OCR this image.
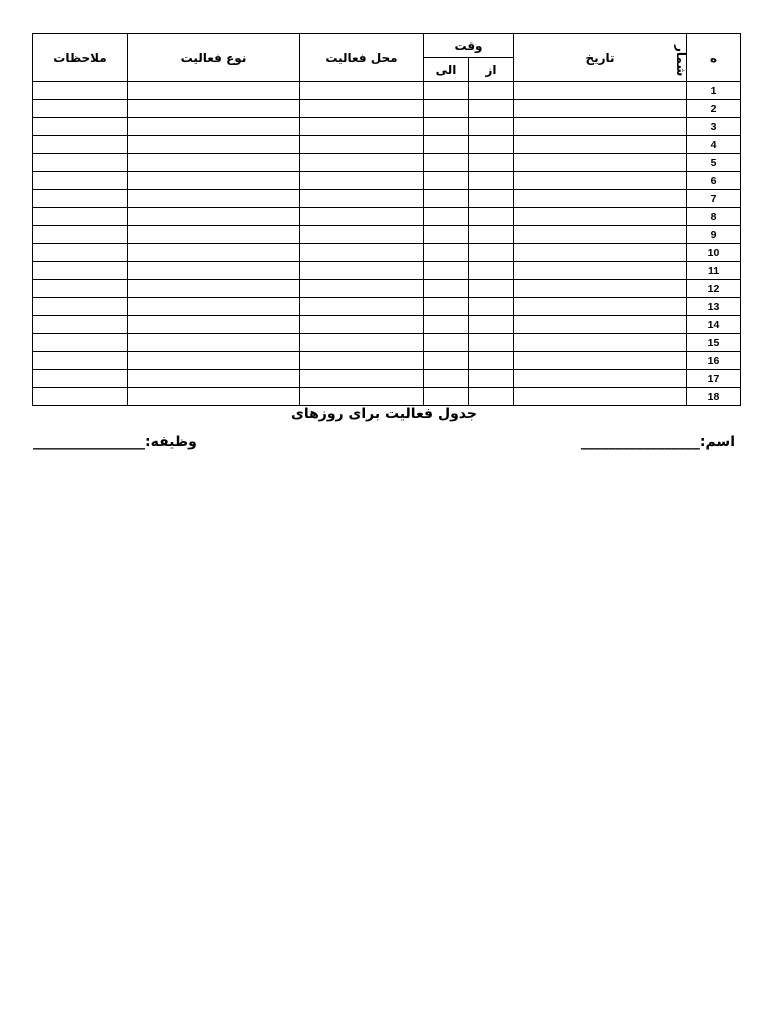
ملاحظات	نوع فعالیت	محل فعالیت	وقت		تاریخ	شمار ه
			الی	از		
						1
						2
						3
						4
						5
						6
						7
						8
						9
						10
						11
						12
						13
						14
						15
						16
						17
						18
جدول فعالیت برای روزهای
_________________:اسم
________________:وظیفه
